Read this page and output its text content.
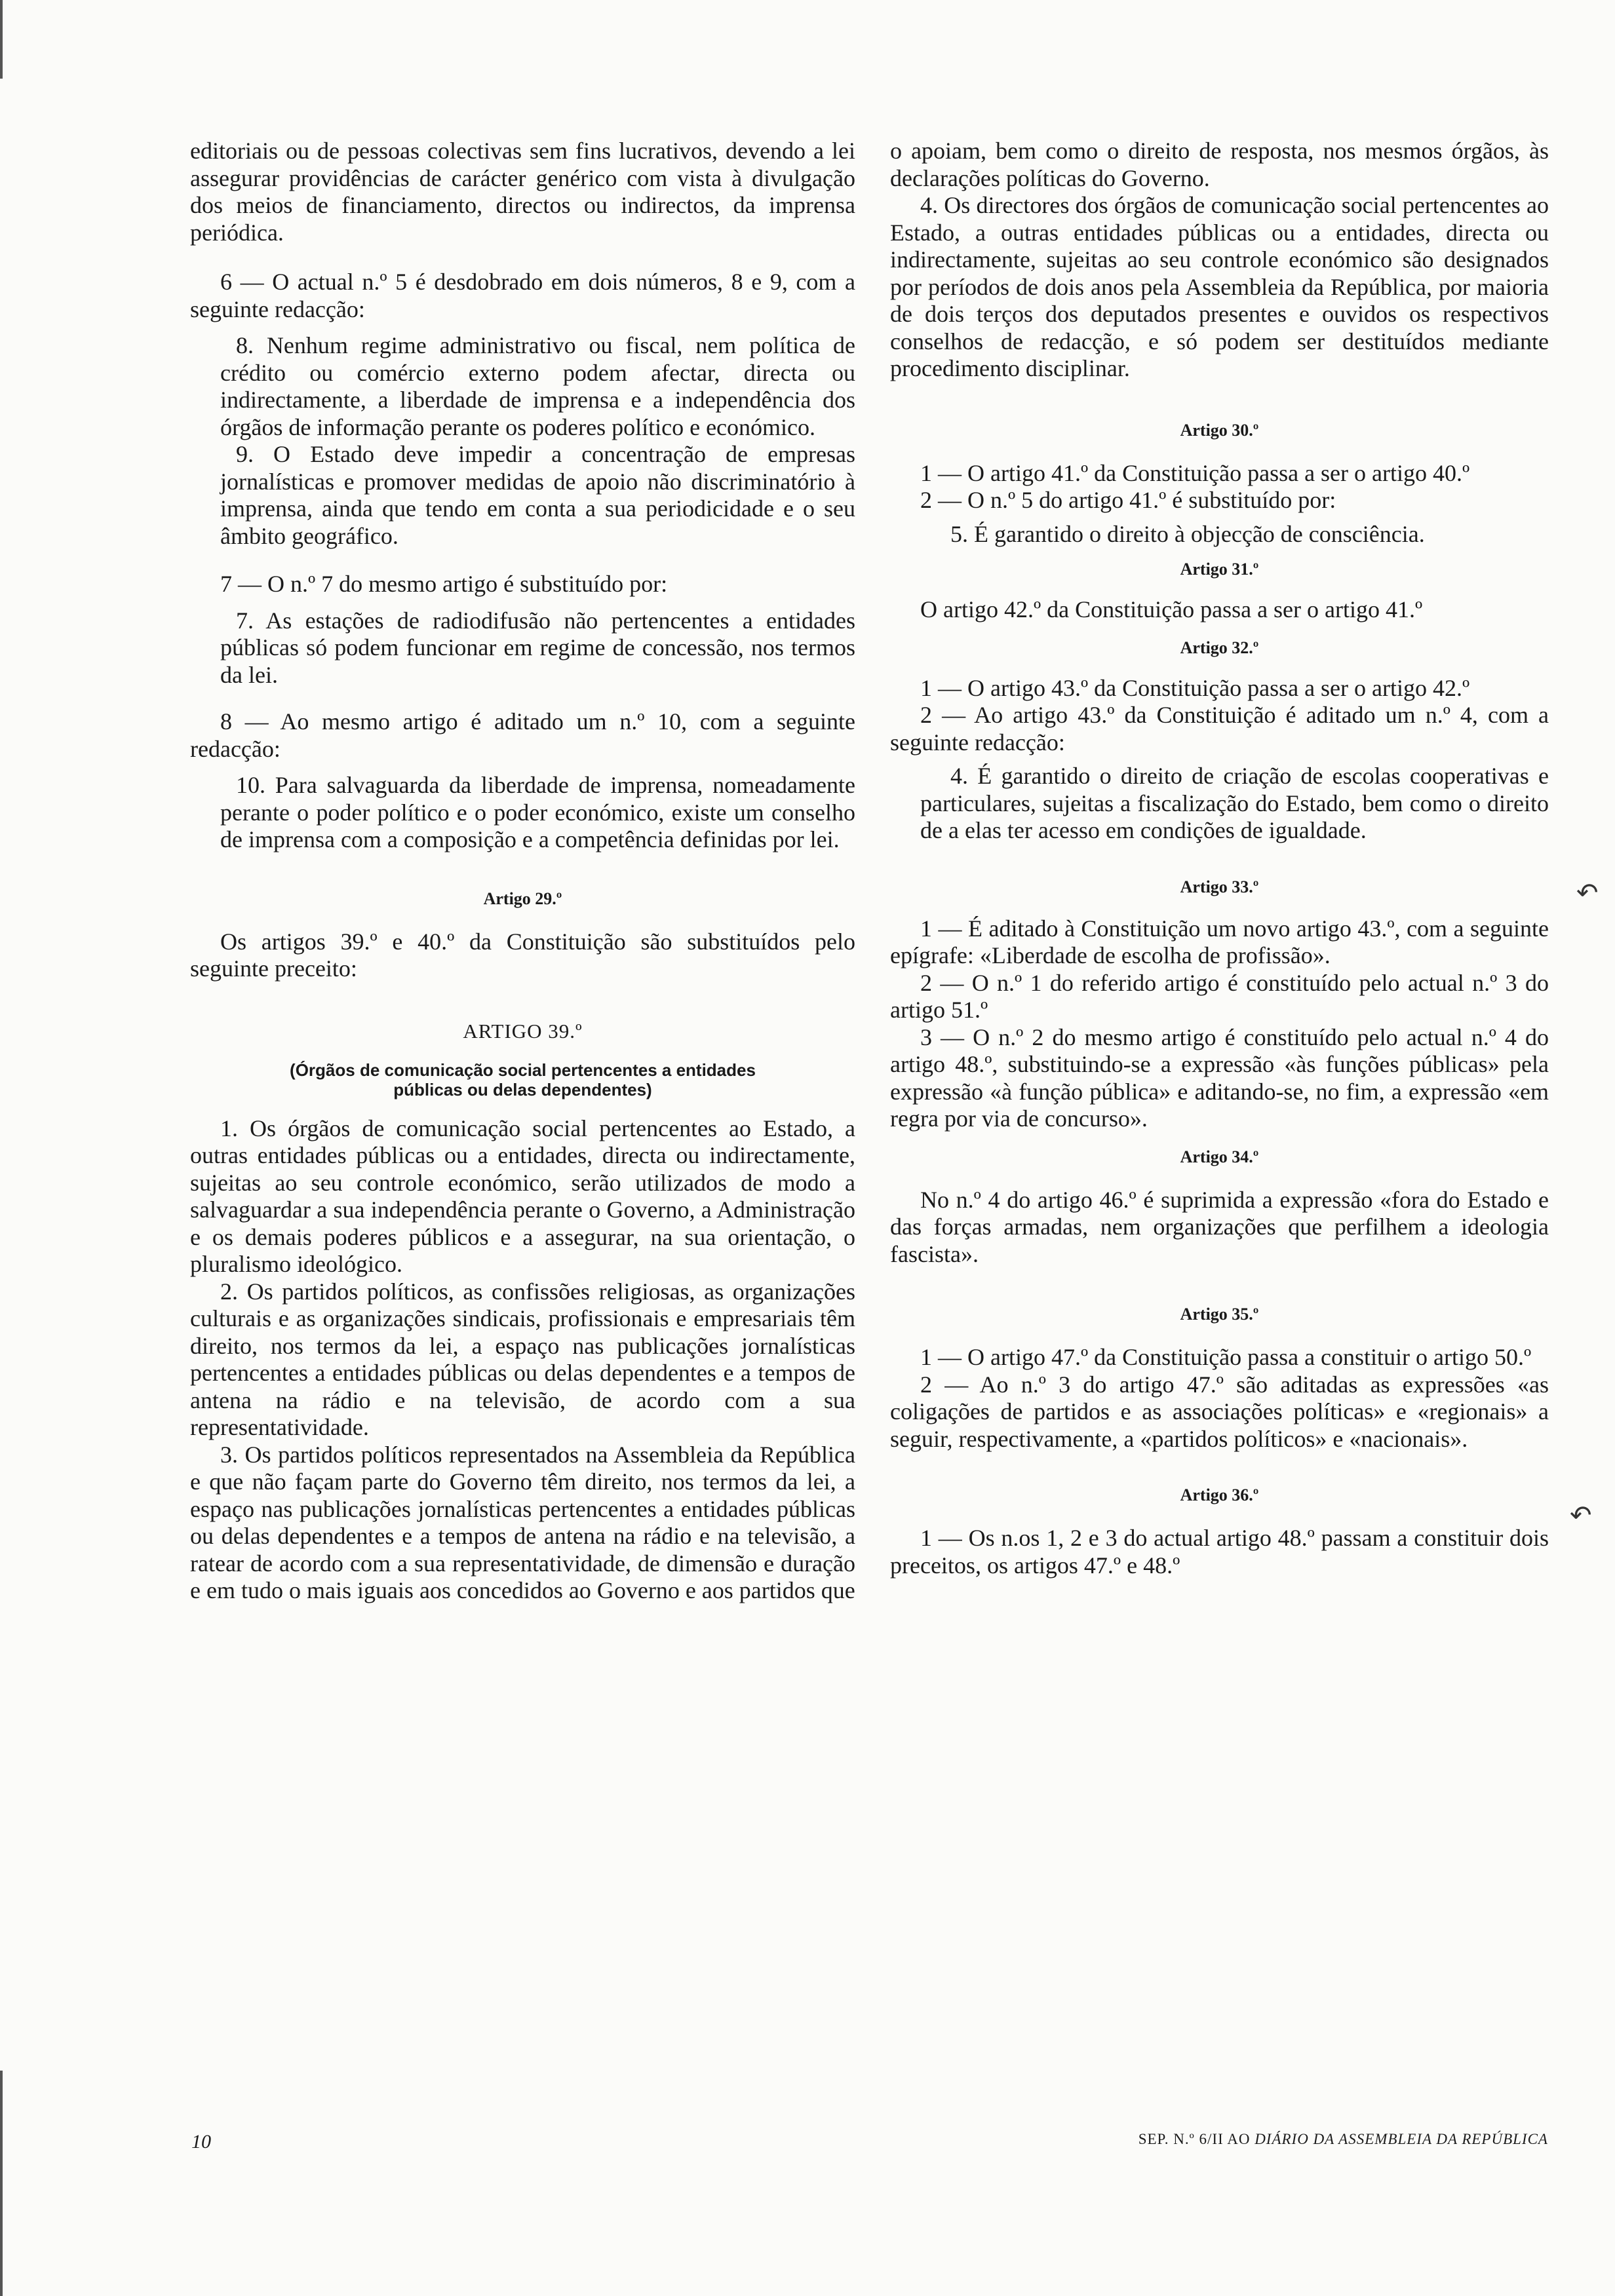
editoriais ou de pessoas colectivas sem fins lucrativos, devendo a lei assegurar providências de carácter genérico com vista à divulgação dos meios de financiamento, directos ou indirectos, da imprensa periódica.

6 — O actual n.º 5 é desdobrado em dois números, 8 e 9, com a seguinte redacção:

8. Nenhum regime administrativo ou fiscal, nem política de crédito ou comércio externo podem afectar, directa ou indirectamente, a liberdade de imprensa e a independência dos órgãos de informação perante os poderes político e económico.

9. O Estado deve impedir a concentração de empresas jornalísticas e promover medidas de apoio não discriminatório à imprensa, ainda que tendo em conta a sua periodicidade e o seu âmbito geográfico.

7 — O n.º 7 do mesmo artigo é substituído por:

7. As estações de radiodifusão não pertencentes a entidades públicas só podem funcionar em regime de concessão, nos termos da lei.

8 — Ao mesmo artigo é aditado um n.º 10, com a seguinte redacção:

10. Para salvaguarda da liberdade de imprensa, nomeadamente perante o poder político e o poder económico, existe um conselho de imprensa com a composição e a competência definidas por lei.

Artigo 29.º

Os artigos 39.º e 40.º da Constituição são substituídos pelo seguinte preceito:

ARTIGO 39.º

(Órgãos de comunicação social pertencentes a entidades públicas ou delas dependentes)

1. Os órgãos de comunicação social pertencentes ao Estado, a outras entidades públicas ou a entidades, directa ou indirectamente, sujeitas ao seu controle económico, serão utilizados de modo a salvaguardar a sua independência perante o Governo, a Administração e os demais poderes públicos e a assegurar, na sua orientação, o pluralismo ideológico.

2. Os partidos políticos, as confissões religiosas, as organizações culturais e as organizações sindicais, profissionais e empresariais têm direito, nos termos da lei, a espaço nas publicações jornalísticas pertencentes a entidades públicas ou delas dependentes e a tempos de antena na rádio e na televisão, de acordo com a sua representatividade.

3. Os partidos políticos representados na Assembleia da República e que não façam parte do Governo têm direito, nos termos da lei, a espaço nas publicações jornalísticas pertencentes a entidades públicas ou delas dependentes e a tempos de antena na rádio e na televisão, a ratear de acordo com a sua representatividade, de dimensão e duração e em tudo o mais iguais aos concedidos ao Governo e aos partidos que

o apoiam, bem como o direito de resposta, nos mesmos órgãos, às declarações políticas do Governo.

4. Os directores dos órgãos de comunicação social pertencentes ao Estado, a outras entidades públicas ou a entidades, directa ou indirectamente, sujeitas ao seu controle económico são designados por períodos de dois anos pela Assembleia da República, por maioria de dois terços dos deputados presentes e ouvidos os respectivos conselhos de redacção, e só podem ser destituídos mediante procedimento disciplinar.

Artigo 30.º

1 — O artigo 41.º da Constituição passa a ser o artigo 40.º

2 — O n.º 5 do artigo 41.º é substituído por:

5. É garantido o direito à objecção de consciência.

Artigo 31.º

O artigo 42.º da Constituição passa a ser o artigo 41.º

Artigo 32.º

1 — O artigo 43.º da Constituição passa a ser o artigo 42.º

2 — Ao artigo 43.º da Constituição é aditado um n.º 4, com a seguinte redacção:

4. É garantido o direito de criação de escolas cooperativas e particulares, sujeitas a fiscalização do Estado, bem como o direito de a elas ter acesso em condições de igualdade.

Artigo 33.º

1 — É aditado à Constituição um novo artigo 43.º, com a seguinte epígrafe: «Liberdade de escolha de profissão».

2 — O n.º 1 do referido artigo é constituído pelo actual n.º 3 do artigo 51.º

3 — O n.º 2 do mesmo artigo é constituído pelo actual n.º 4 do artigo 48.º, substituindo-se a expressão «às funções públicas» pela expressão «à função pública» e aditando-se, no fim, a expressão «em regra por via de concurso».

Artigo 34.º

No n.º 4 do artigo 46.º é suprimida a expressão «fora do Estado e das forças armadas, nem organizações que perfilhem a ideologia fascista».

Artigo 35.º

1 — O artigo 47.º da Constituição passa a constituir o artigo 50.º

2 — Ao n.º 3 do artigo 47.º são aditadas as expressões «as coligações de partidos e as associações políticas» e «regionais» a seguir, respectivamente, a «partidos políticos» e «nacionais».

Artigo 36.º

1 — Os n.os 1, 2 e 3 do actual artigo 48.º passam a constituir dois preceitos, os artigos 47.º e 48.º

↶
↶
10	SEP. N.º 6/II AO DIÁRIO DA ASSEMBLEIA DA REPÚBLICA
